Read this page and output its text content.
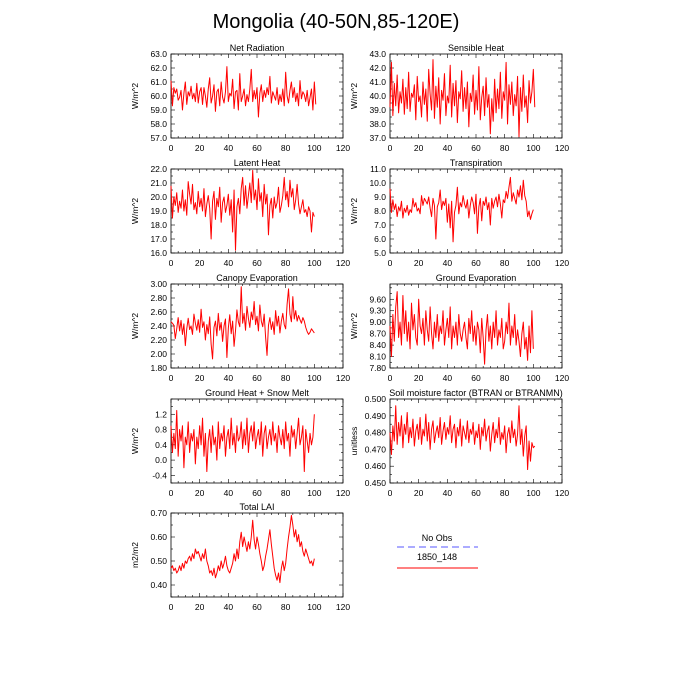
Mongolia (40-50N,85-120E)
Net Radiation
W/m^2
0	20 40 60 80 100 120
57.0
58.0
59.0
60.0
61.0
62.0
63.0
Sensible Heat
W/m^2
0	20 40 60 80 100 120
37.0
38.0
39.0
40.0
41.0
42.0
43.0
Latent Heat
W/m^2
0	20 40 60 80 100 120
16.0
17.0
18.0
19.0
20.0
21.0
22.0
Transpiration
W/m^2
0	20 40 60 80 100 120
5.0
6.0
7.0
8.0
9.0
10.0
11.0
Canopy Evaporation
W/m^2
0	20 40 60 80 100 120
1.80
2.00
2.20
2.40
2.60
2.80
3.00
Ground Evaporation
W/m^2
0	20 40 60 80 100 120
7.80
8.10
8.40
8.70
9.00
9.30
9.60
Ground Heat + Snow Melt
W/m^2
0	20 40 60 80 100 120
-0.4
0.0
0.4
0.8
1.2
Soil moisture factor (BTRAN or BTRANMN)
unitless
0	20 40 60 80 100 120
0.450
0.460
0.470
0.480
0.490
0.500
Total LAI
m2/m2
0	20 40 60 80 100 120
0.40
0.50
0.60
0.70
No Obs
1850_148
